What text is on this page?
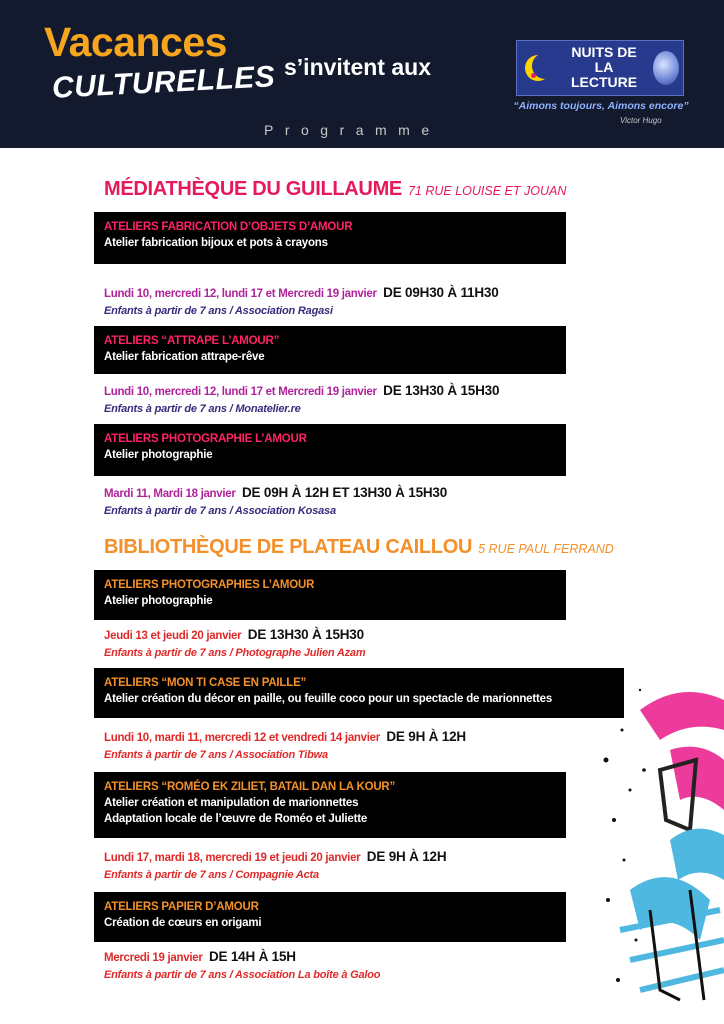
Vacances
CULTURELLES s’invitent aux
Programme
NUITS DE LA LECTURE
“Aimons toujours, Aimons encore”
Victor Hugo
MÉDIATHÈQUE DU GUILLAUME 71 RUE LOUISE ET JOUAN
ATELIERS FABRICATION D’OBJETS D’AMOUR
Atelier fabrication bijoux et pots à crayons
Lundi 10, mercredi 12, lundi 17 et Mercredi 19 janvier DE 09H30 À 11H30
Enfants à partir de 7 ans / Association Ragasi
ATELIERS “ATTRAPE L’AMOUR”
Atelier fabrication attrape-rêve
Lundi 10, mercredi 12, lundi 17 et Mercredi 19 janvier DE 13H30 À 15H30
Enfants à partir de 7 ans / Monatelier.re
ATELIERS PHOTOGRAPHIE L’AMOUR
Atelier photographie
Mardi 11, Mardi 18 janvier DE 09H À 12H ET 13H30 À 15H30
Enfants à partir de 7 ans / Association Kosasa
BIBLIOTHÈQUE DE PLATEAU CAILLOU 5 RUE PAUL FERRAND
ATELIERS PHOTOGRAPHIES L’AMOUR
Atelier photographie
Jeudi 13 et jeudi 20 janvier DE 13H30 À 15H30
Enfants à partir de 7 ans / Photographe Julien Azam
ATELIERS “MON TI CASE EN PAILLE”
Atelier création du décor en paille, ou feuille coco pour un spectacle de marionnettes
Lundi 10, mardi 11, mercredi 12 et vendredi 14 janvier DE 9H À 12H
Enfants à partir de 7 ans / Association Tibwa
ATELIERS “ROMÉO EK ZILIET, BATAIL DAN LA KOUR”
Atelier création et manipulation de marionnettes
Adaptation locale de l’œuvre de Roméo et Juliette
Lundi 17, mardi 18, mercredi 19 et jeudi 20 janvier DE 9H À 12H
Enfants à partir de 7 ans / Compagnie Acta
ATELIERS PAPIER D’AMOUR
Création de cœurs en origami
Mercredi 19 janvier DE 14H À 15H
Enfants à partir de 7 ans / Association La boîte à Galoo
